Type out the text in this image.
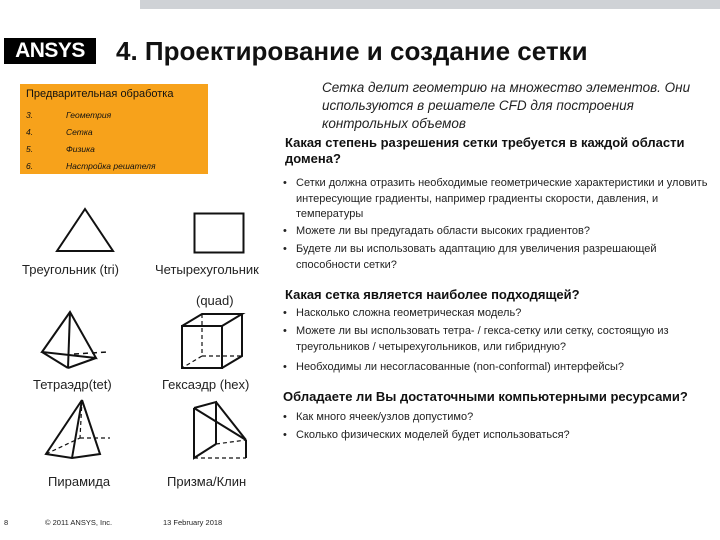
ANSYS	4. Проектирование и создание сетки
Предварительная обработка
3.	Геометрия
4.	Сетка
5.	Физика
6.	Настройка решателя
Сетка делит геометрию на множество элементов. Они используются в решателе CFD для построения контрольных объемов
Какая степень разрешения сетки требуется в каждой области домена?
• Сетки должна отразить необходимые геометрические характеристики и уловить интересующие градиенты, например градиенты скорости, давления, и температуры
• Можете ли вы предугадать области высоких градиентов?
• Будете ли вы использовать адаптацию для увеличения разрешающей способности сетки?
Какая сетка является наиболее подходящей?
• Насколько сложна геометрическая модель?
• Можете ли вы использовать тетра- / гекса-сетку или сетку, состоящую из треугольников / четырехугольников, или гибридную?
• Необходимы ли несогласованные (non-conformal) интерфейсы?
Обладаете ли Вы достаточными компьютерными ресурсами?
• Как много ячеек/узлов допустимо?
• Сколько физических моделей будет использоваться?
Треугольник (tri)	Четырехугольник
(quad)
Тетраэдр(tet)	Гексаэдр (hex)
Пирамида	Призма/Клин
8	© 2011 ANSYS, Inc.	13 February 2018
